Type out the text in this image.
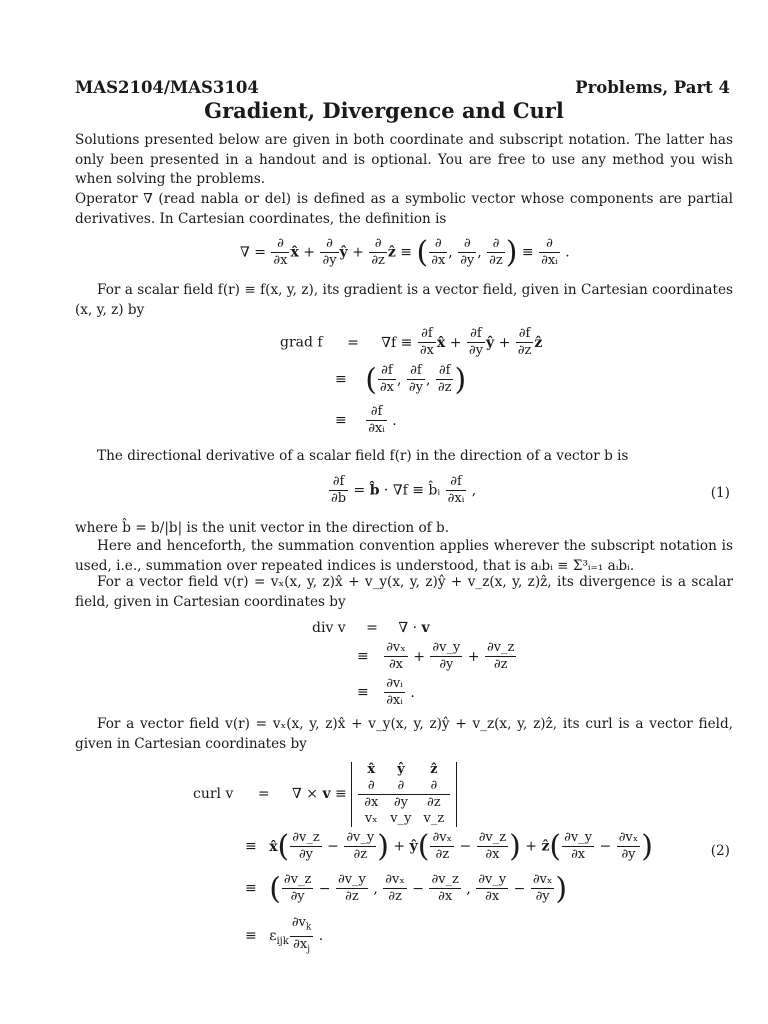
MAS2104/MAS3104	Problems, Part 4
Gradient, Divergence and Curl
Solutions presented below are given in both coordinate and subscript notation. The latter has only been presented in a handout and is optional. You are free to use any method you wish when solving the problems.
Operator ∇ (read nabla or del) is defined as a symbolic vector whose components are partial derivatives. In Cartesian coordinates, the definition is
∇ = $\frac{\partial}{\partial x}$ x̂ + $\frac{\partial}{\partial y}$ ŷ + $\frac{\partial}{\partial z}$ ẑ ≡ ( $\frac{\partial}{\partial x}$ , $\frac{\partial}{\partial y}$ , $\frac{\partial}{\partial z}$ ) ≡ $\frac{\partial}{\text{∂xᵢ}}$ .
For a scalar field f(r) ≡ f(x, y, z), its gradient is a vector field, given in Cartesian coordinates (x, y, z) by
grad $f = \nabla f \equiv \frac{\partial f}{\partial x}$ x̂ + $\frac{\partial f}{\partial y}$ ŷ + $\frac{\partial f}{\partial z}$ ẑ
≡ ( $\frac{\partial f}{\partial x}$ , $\frac{\partial f}{\partial y}$ , $\frac{\partial f}{\partial z}$ )
≡ $\frac{\partial f}{\text{∂xᵢ}}$ .
The directional derivative of a scalar field f(r) in the direction of a vector b is
$\frac{\partial f}{\partial b}$ = b̂ · ∇f ≡ b̂ᵢ $\frac{\partial f}{\text{∂xᵢ}}$ ,	(1)
where b̂ = b/|b| is the unit vector in the direction of b.
Here and henceforth, the summation convention applies wherever the subscript notation is used, i.e., summation over repeated indices is understood, that is aᵢbᵢ ≡ Σ³ᵢ₌₁ aᵢbᵢ.
For a vector field v(r) = vₓ(x, y, z)x̂ + v_y(x, y, z)ŷ + v_z(x, y, z)ẑ, its divergence is a scalar field, given in Cartesian coordinates by
div v = ∇ · v
≡ $\frac{\text{∂vₓ}}{\partial x} + \frac{\partial v\_y}{\partial y} + \frac{\partial v\_z}{\partial z}$
≡ $\frac{\text{∂vᵢ}}{\text{∂xᵢ}}$ .
For a vector field v(r) = vₓ(x, y, z)x̂ + v_y(x, y, z)ŷ + v_z(x, y, z)ẑ, its curl is a vector field, given in Cartesian coordinates by
curl v = ∇ × v ≡
x̂	ŷ	ẑ
∂	∂	∂
∂x	∂y	∂z
vₓ	v_y	v_z
≡ x̂( $\frac{\partial v\_z}{\partial y} - \frac{\partial v\_y}{\partial z}$ ) + ŷ( $\frac{\text{∂vₓ}}{\partial z} - \frac{\partial v\_z}{\partial x}$ ) + ẑ( $\frac{\partial v\_y}{\partial x} - \frac{\text{∂vₓ}}{\partial y}$ )	(2)
≡ ( $\frac{\partial v\_z}{\partial y} - \frac{\partial v\_y}{\partial z}$ , $\frac{\text{∂vₓ}}{\partial z} - \frac{\partial v\_z}{\partial x}$ , $\frac{\partial v\_y}{\partial x} - \frac{\text{∂vₓ}}{\partial y}$ )
≡ $\varepsilon_{ijk} \frac{\partial v_k}{\partial x_j}$ .
